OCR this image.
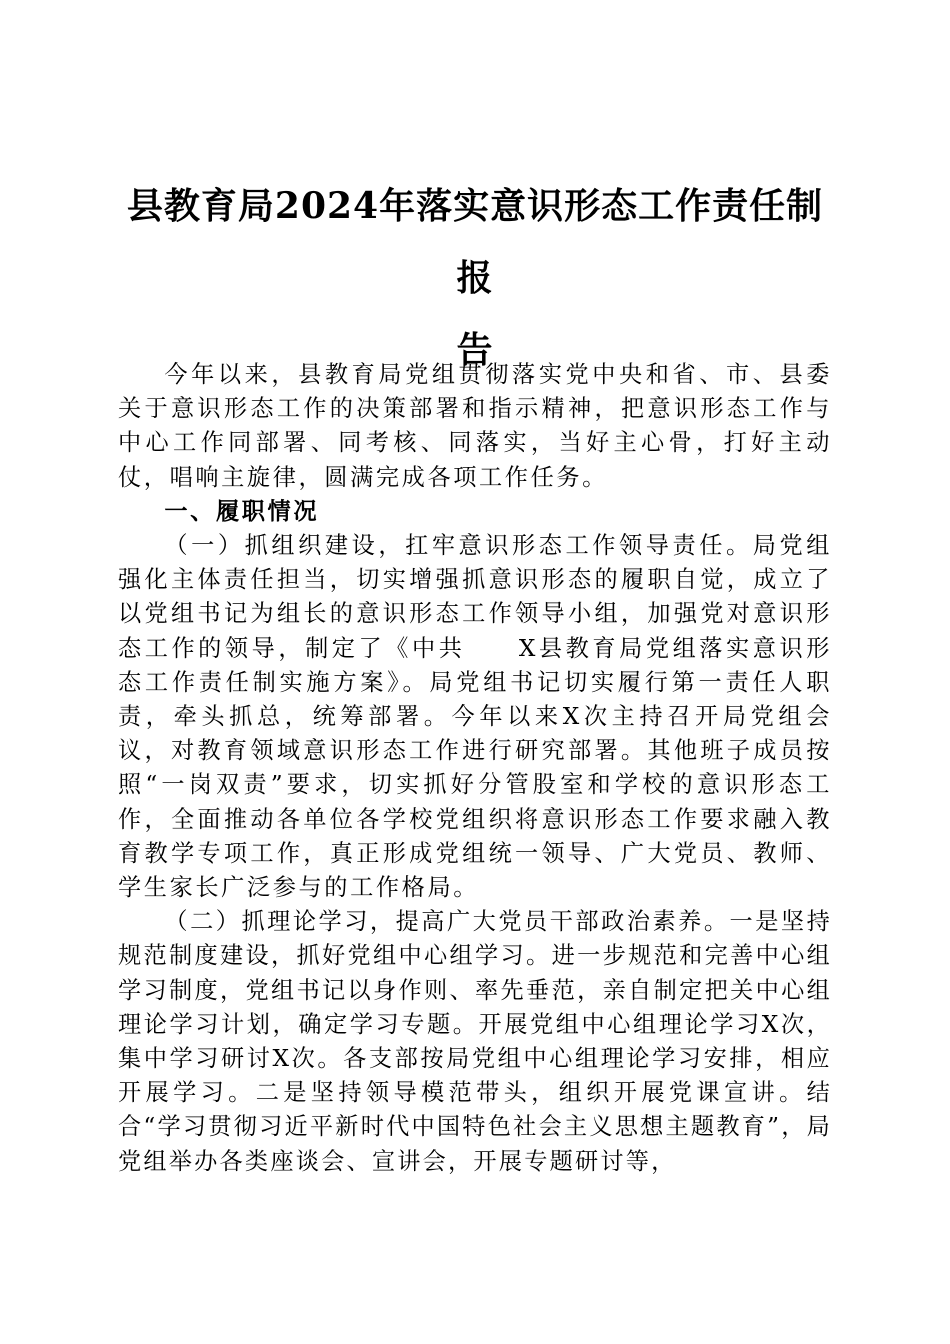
县教育局2024年落实意识形态工作责任制报
告

今年以来，县教育局党组贯彻落实党中央和省、市、县委关于意识形态工作的决策部署和指示精神，把意识形态工作与中心工作同部署、同考核、同落实，当好主心骨，打好主动仗，唱响主旋律，圆满完成各项工作任务。

一、履职情况

（一）抓组织建设，扛牢意识形态工作领导责任。局党组强化主体责任担当，切实增强抓意识形态的履职自觉，成立了以党组书记为组长的意识形态工作领导小组，加强党对意识形态工作的领导，制定了《中共　　X县教育局党组落实意识形态工作责任制实施方案》。局党组书记切实履行第一责任人职责，牵头抓总，统筹部署。今年以来X次主持召开局党组会议，对教育领域意识形态工作进行研究部署。其他班子成员按照“一岗双责”要求，切实抓好分管股室和学校的意识形态工作，全面推动各单位各学校党组织将意识形态工作要求融入教育教学专项工作，真正形成党组统一领导、广大党员、教师、学生家长广泛参与的工作格局。

（二）抓理论学习，提高广大党员干部政治素养。一是坚持规范制度建设，抓好党组中心组学习。进一步规范和完善中心组学习制度，党组书记以身作则、率先垂范，亲自制定把关中心组理论学习计划，确定学习专题。开展党组中心组理论学习X次，集中学习研讨X次。各支部按局党组中心组理论学习安排，相应开展学习。二是坚持领导模范带头，组织开展党课宣讲。结合“学习贯彻习近平新时代中国特色社会主义思想主题教育”，局党组举办各类座谈会、宣讲会，开展专题研讨等，
